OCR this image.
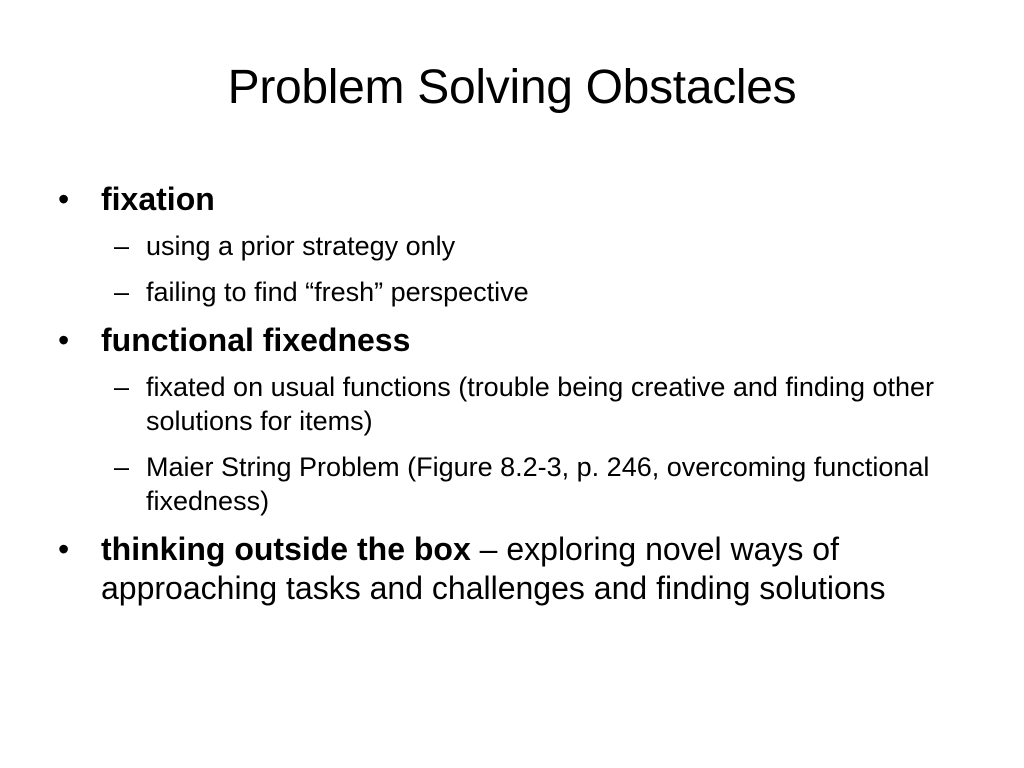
Problem Solving Obstacles
• fixation
– using a prior strategy only
– failing to find “fresh” perspective
• functional fixedness
– fixated on usual functions (trouble being creative and finding other solutions for items)
– Maier String Problem (Figure 8.2-3, p. 246, overcoming functional fixedness)
• thinking outside the box – exploring novel ways of approaching tasks and challenges and finding solutions
